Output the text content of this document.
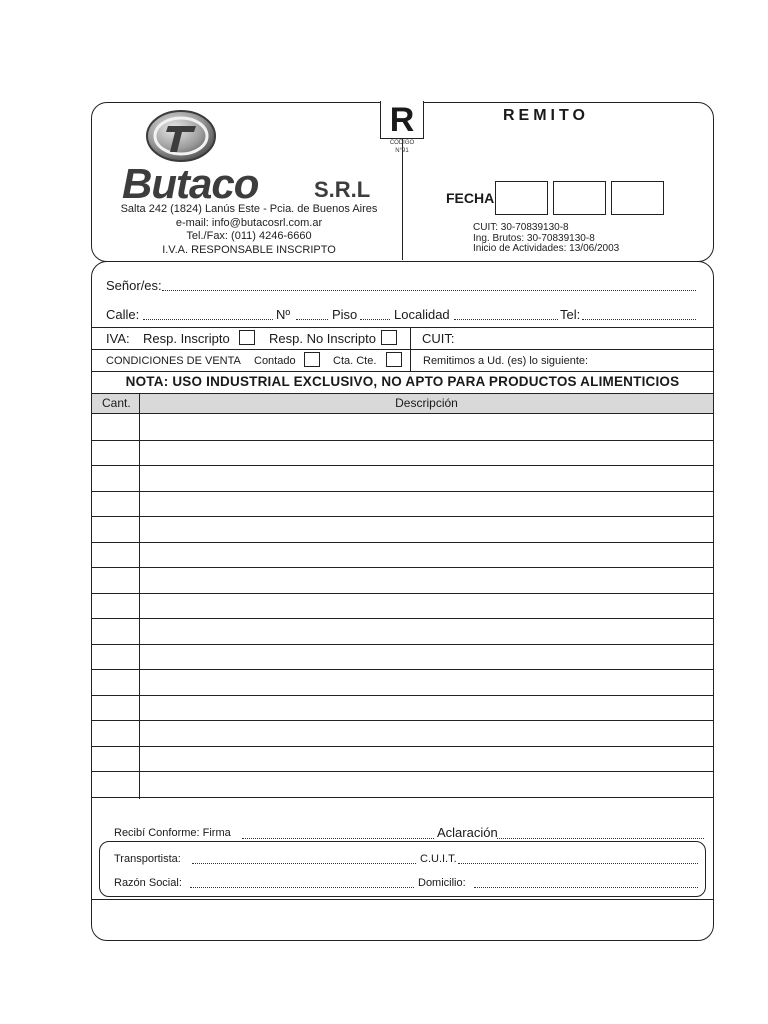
Butaco	S.R.L
Salta 242 (1824) Lanús Este - Pcia. de Buenos Aires
e-mail: info@butacosrl.com.ar
Tel./Fax: (011) 4246-6660
I.V.A. RESPONSABLE INSCRIPTO
R
CODIGO
N°91
REMITO
FECHA
CUIT: 30-70839130-8
Ing. Brutos: 30-70839130-8
Inicio de Actividades: 13/06/2003
Señor/es:
Calle:	Nº	Piso	Localidad	Tel:
IVA: Resp. Inscripto	Resp. No Inscripto	CUIT:
CONDICIONES DE VENTA Contado	Cta. Cte.	Remitimos a Ud. (es) lo siguiente:
NOTA: USO INDUSTRIAL EXCLUSIVO, NO APTO PARA PRODUCTOS ALIMENTICIOS
Cant.	Descripción
Recibí Conforme: Firma	Aclaración
Transportista:	C.U.I.T.
Razón Social:	Domicilio:
